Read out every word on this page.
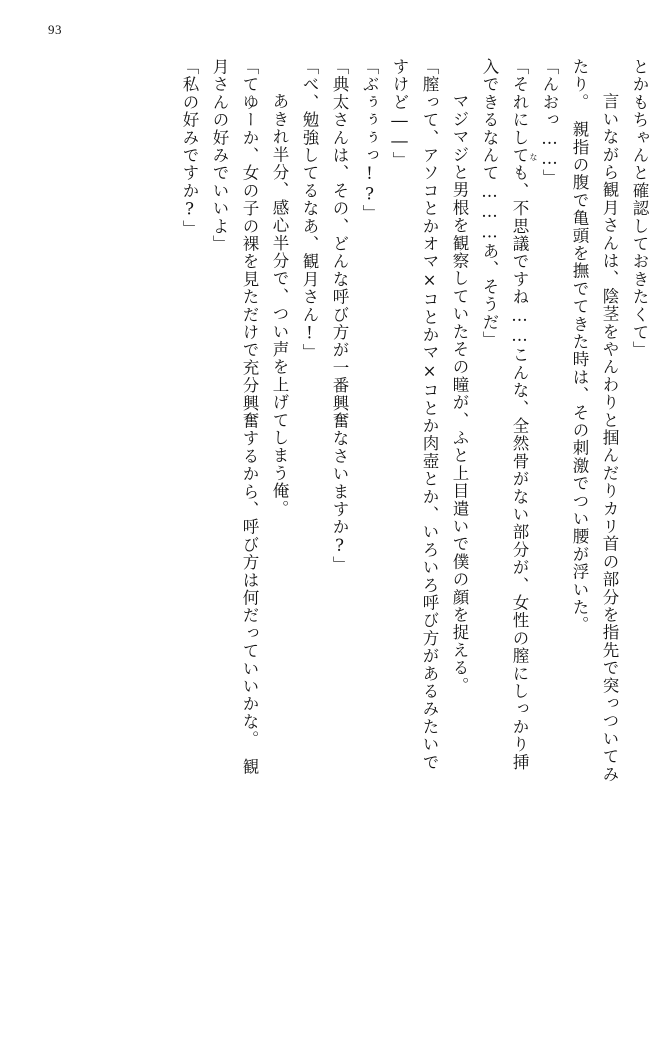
93
とかもちゃんと確認しておきたくて」
　言いながら観月さんは、陰茎をやんわりと掴んだりカリ首の部分を指先で突っついてみ
たり。　親指の腹で亀頭を撫でてきた時は、その刺激でつい腰が浮いた。
「んおっ……」
「それにしても、不思議ですね……こんな、全然骨がない部分が、女性の膣にしっかり挿
入できるなんて………あ、そうだ」
　マジマジと男根を観察していたその瞳が、ふと上目遣いで僕の顔を捉える。
「膣って、アソコとかオマ×コとかマ×コとか肉壺とか、いろいろ呼び方があるみたいで
すけど――」
「ぶぅぅぅっ!?」
「典太さんは、その、どんな呼び方が一番興奮なさいますか?」
「べ、勉強してるなあ、観月さん!」
　あきれ半分、感心半分で、つい声を上げてしまう俺。
「てゆーか、女の子の裸を見ただけで充分興奮するから、呼び方は何だっていいかな。　観
月さんの好みでいいよ」
「私の好みですか?」	な
